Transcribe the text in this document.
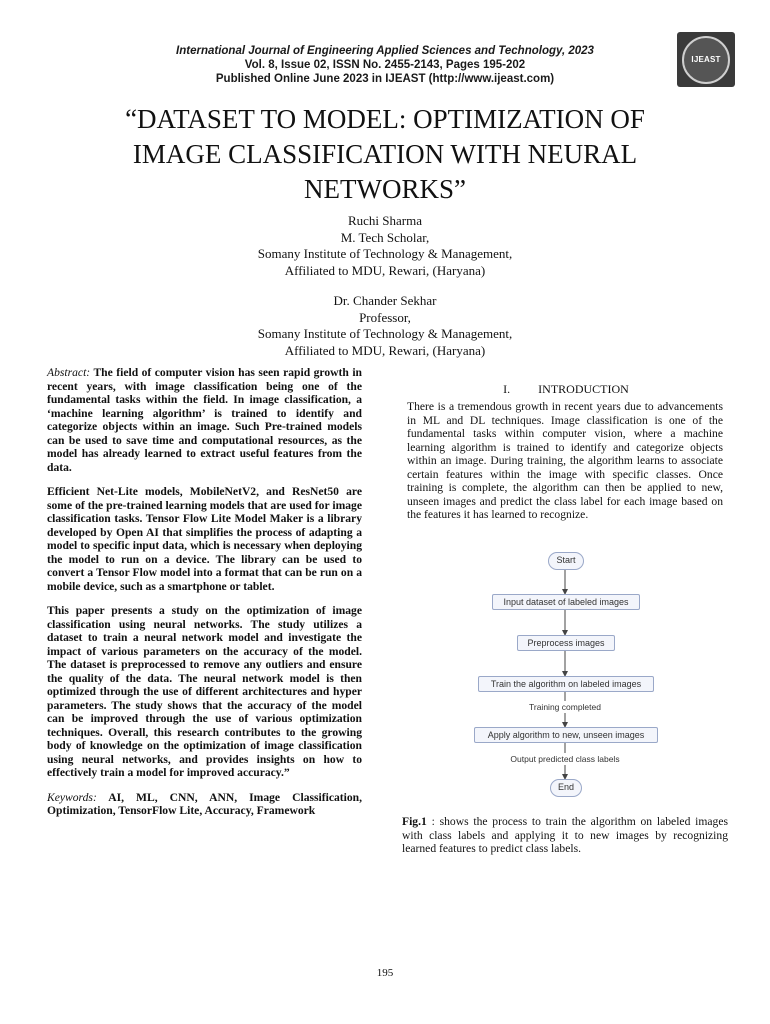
International Journal of Engineering Applied Sciences and Technology, 2023
Vol. 8, Issue 02, ISSN No. 2455-2143, Pages 195-202
Published Online June 2023 in IJEAST (http://www.ijeast.com)
IJEAST
“DATASET TO MODEL: OPTIMIZATION OF
IMAGE CLASSIFICATION WITH NEURAL
NETWORKS”
Ruchi Sharma
M. Tech Scholar,
Somany Institute of Technology & Management,
Affiliated to MDU, Rewari, (Haryana)
Dr. Chander Sekhar
Professor,
Somany Institute of Technology & Management,
Affiliated to MDU, Rewari, (Haryana)

Abstract: The field of computer vision has seen rapid growth in recent years, with image classification being one of the fundamental tasks within the field. In image classification, a ‘machine learning algorithm’ is trained to identify and categorize objects within an image. Such Pre-trained models can be used to save time and computational resources, as the model has already learned to extract useful features from the data.

Efficient Net-Lite models, MobileNetV2, and ResNet50 are some of the pre-trained learning models that are used for image classification tasks. Tensor Flow Lite Model Maker is a library developed by Open AI that simplifies the process of adapting a model to specific input data, which is necessary when deploying the model to run on a device. The library can be used to convert a Tensor Flow model into a format that can be run on a mobile device, such as a smartphone or tablet.

This paper presents a study on the optimization of image classification using neural networks. The study utilizes a dataset to train a neural network model and investigate the impact of various parameters on the accuracy of the model. The dataset is preprocessed to remove any outliers and ensure the quality of the data. The neural network model is then optimized through the use of different architectures and hyper parameters. The study shows that the accuracy of the model can be improved through the use of various optimization techniques. Overall, this research contributes to the growing body of knowledge on the optimization of image classification using neural networks, and provides insights on how to effectively train a model for improved accuracy.”

Keywords: AI, ML, CNN, ANN, Image Classification, Optimization, TensorFlow Lite, Accuracy, Framework

I. INTRODUCTION

There is a tremendous growth in recent years due to advancements in ML and DL techniques. Image classification is one of the fundamental tasks within computer vision, where a machine learning algorithm is trained to identify and categorize objects within an image. During training, the algorithm learns to associate certain features within the image with specific classes. Once training is complete, the algorithm can then be applied to new, unseen images and predict the class label for each image based on the features it has learned to recognize.

Start
Input dataset of labeled images
Preprocess images
Train the algorithm on labeled images
Training completed
Apply algorithm to new, unseen images
Output predicted class labels
End

Fig.1 : shows the process to train the algorithm on labeled images with class labels and applying it to new images by recognizing learned features to predict class labels.

195
